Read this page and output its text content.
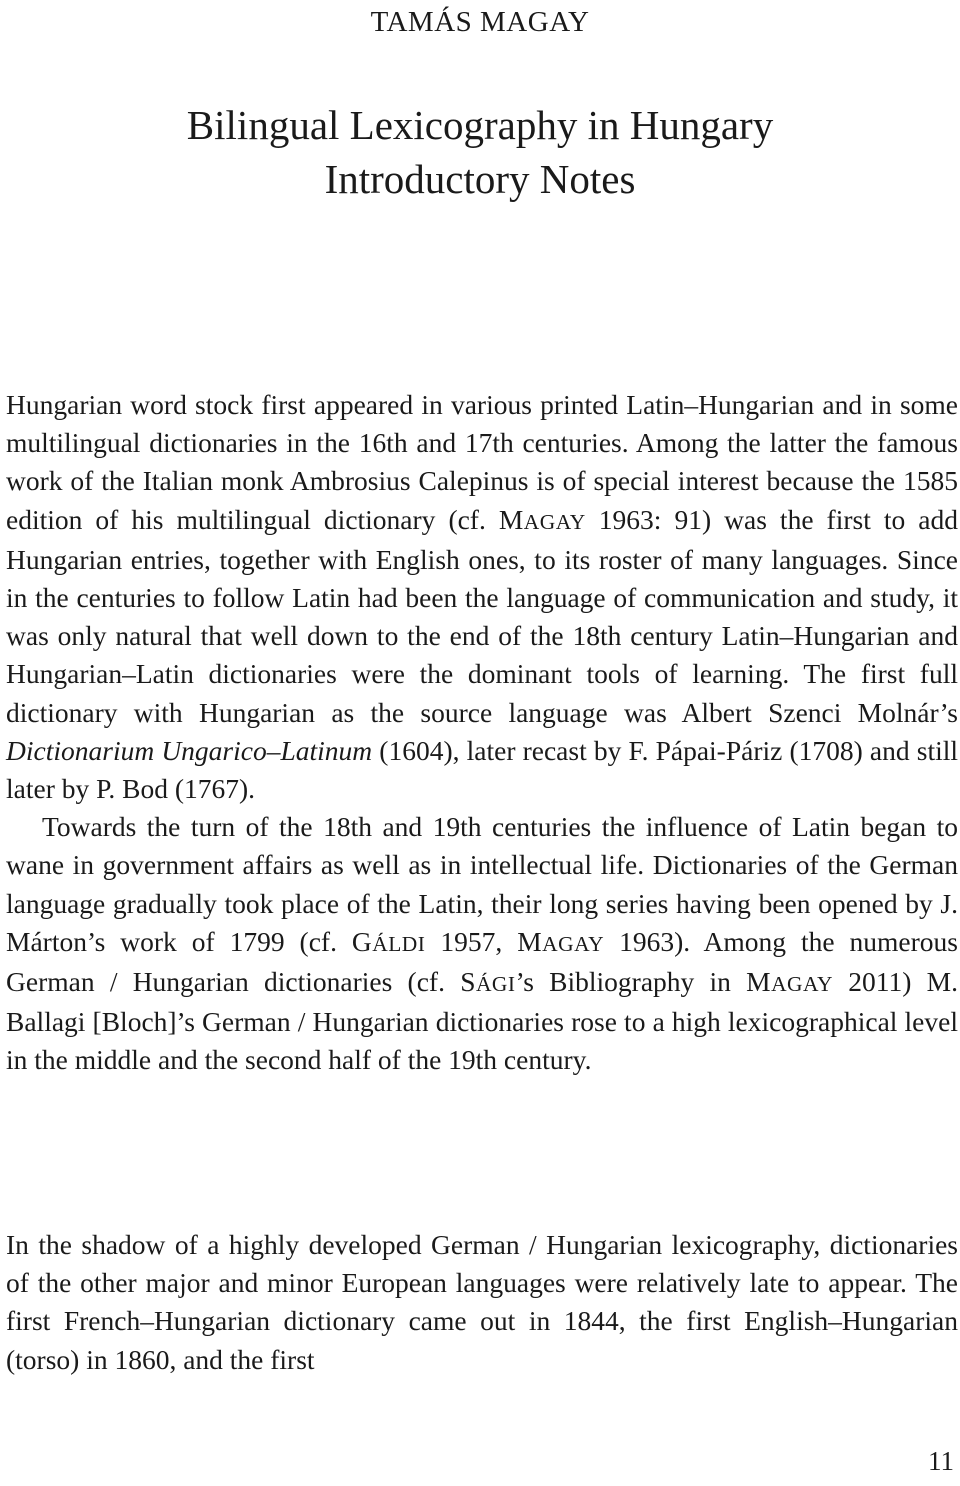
TAMÁS MAGAY
Bilingual Lexicography in Hungary
Introductory Notes

Hungarian word stock first appeared in various printed Latin–Hungarian and in some multilingual dictionaries in the 16th and 17th centuries. Among the latter the famous work of the Italian monk Ambrosius Calepinus is of special interest because the 1585 edition of his multilingual dictionary (cf. MAGAY 1963: 91) was the first to add Hungarian entries, together with English ones, to its roster of many languages. Since in the centuries to follow Latin had been the language of communication and study, it was only natural that well down to the end of the 18th century Latin–Hungarian and Hungarian–Latin dictionaries were the dominant tools of learning. The first full dictionary with Hungarian as the source language was Albert Szenci Molnár’s Dictionarium Ungarico–Latinum (1604), later recast by F. Pápai-Páriz (1708) and still later by P. Bod (1767).

Towards the turn of the 18th and 19th centuries the influence of Latin began to wane in government affairs as well as in intellectual life. Dictionaries of the German language gradually took place of the Latin, their long series having been opened by J. Márton’s work of 1799 (cf. GÁLDI 1957, MAGAY 1963). Among the numerous German / Hungarian dictionaries (cf. SÁGI’s Bibliography in MAGAY 2011) M. Ballagi [Bloch]’s German / Hungarian dictionaries rose to a high lexicographical level in the middle and the second half of the 19th century.

In the shadow of a highly developed German / Hungarian lexicography, dictionaries of the other major and minor European languages were relatively late to appear. The first French–Hungarian dictionary came out in 1844, the first English–Hungarian (torso) in 1860, and the first

11
